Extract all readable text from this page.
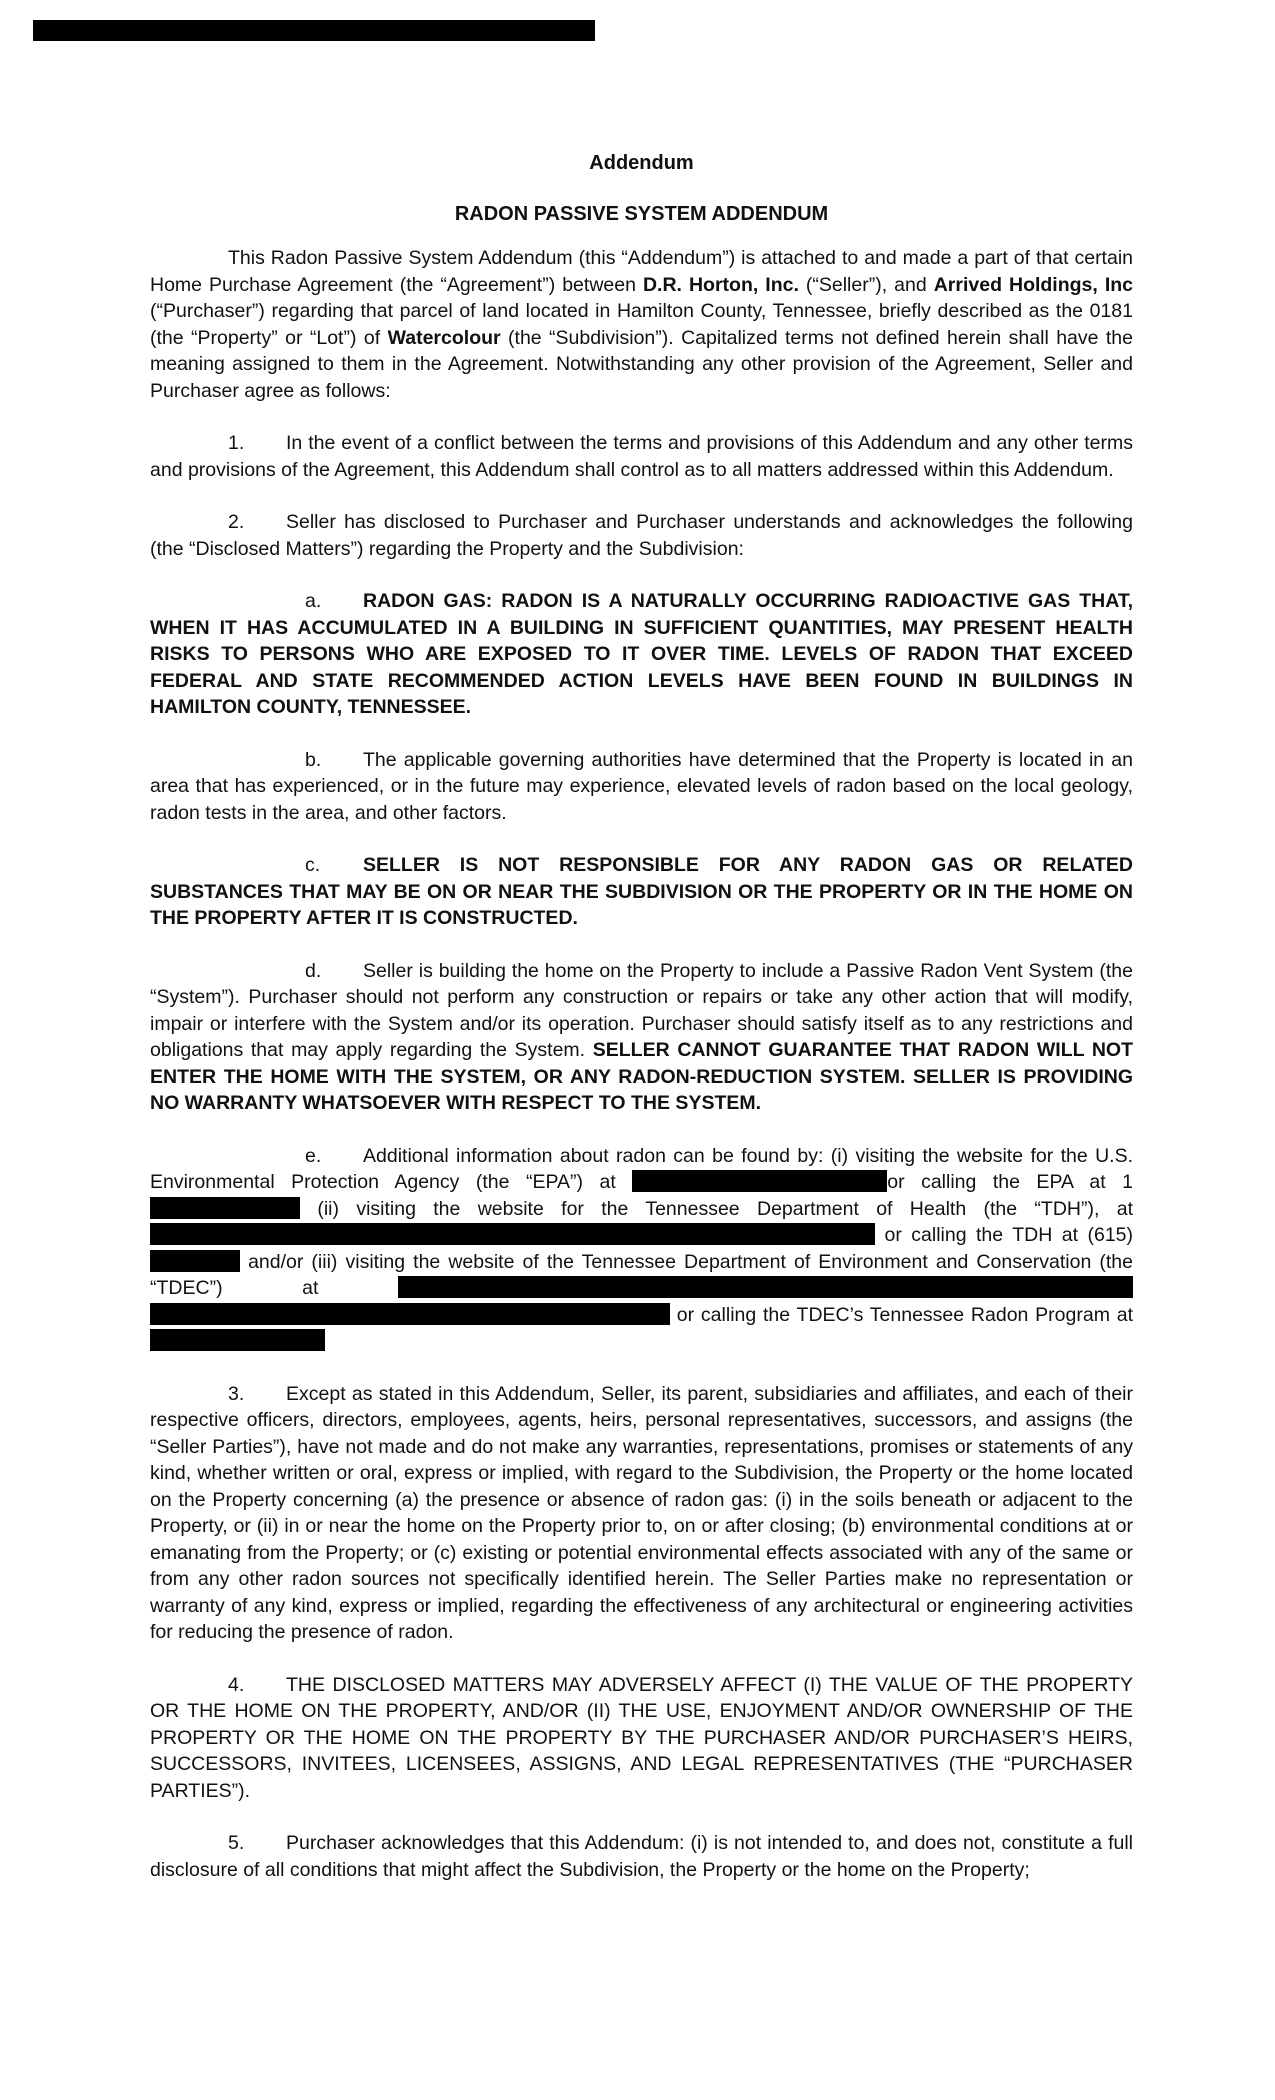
Addendum
RADON PASSIVE SYSTEM ADDENDUM

This Radon Passive System Addendum (this “Addendum”) is attached to and made a part of that certain Home Purchase Agreement (the “Agreement”) between D.R. Horton, Inc. (“Seller”), and Arrived Holdings, Inc (“Purchaser”) regarding that parcel of land located in Hamilton County, Tennessee, briefly described as the 0181 (the “Property” or “Lot”) of Watercolour (the “Subdivision”). Capitalized terms not defined herein shall have the meaning assigned to them in the Agreement. Notwithstanding any other provision of the Agreement, Seller and Purchaser agree as follows:

1. In the event of a conflict between the terms and provisions of this Addendum and any other terms and provisions of the Agreement, this Addendum shall control as to all matters addressed within this Addendum.

2. Seller has disclosed to Purchaser and Purchaser understands and acknowledges the following (the “Disclosed Matters”) regarding the Property and the Subdivision:

a. RADON GAS: RADON IS A NATURALLY OCCURRING RADIOACTIVE GAS THAT, WHEN IT HAS ACCUMULATED IN A BUILDING IN SUFFICIENT QUANTITIES, MAY PRESENT HEALTH RISKS TO PERSONS WHO ARE EXPOSED TO IT OVER TIME. LEVELS OF RADON THAT EXCEED FEDERAL AND STATE RECOMMENDED ACTION LEVELS HAVE BEEN FOUND IN BUILDINGS IN HAMILTON COUNTY, TENNESSEE.

b. The applicable governing authorities have determined that the Property is located in an area that has experienced, or in the future may experience, elevated levels of radon based on the local geology, radon tests in the area, and other factors.

c. SELLER IS NOT RESPONSIBLE FOR ANY RADON GAS OR RELATED SUBSTANCES THAT MAY BE ON OR NEAR THE SUBDIVISION OR THE PROPERTY OR IN THE HOME ON THE PROPERTY AFTER IT IS CONSTRUCTED.

d. Seller is building the home on the Property to include a Passive Radon Vent System (the “System”). Purchaser should not perform any construction or repairs or take any other action that will modify, impair or interfere with the System and/or its operation. Purchaser should satisfy itself as to any restrictions and obligations that may apply regarding the System. SELLER CANNOT GUARANTEE THAT RADON WILL NOT ENTER THE HOME WITH THE SYSTEM, OR ANY RADON-REDUCTION SYSTEM. SELLER IS PROVIDING NO WARRANTY WHATSOEVER WITH RESPECT TO THE SYSTEM.

e. Additional information about radon can be found by: (i) visiting the website for the U.S. Environmental Protection Agency (the “EPA”) at	or calling the EPA at 1  (ii) visiting the website for the Tennessee Department of Health (the “TDH”), at  or calling the TDH at (615)  and/or (iii) visiting the website of the Tennessee Department of Environment and Conservation (the “TDEC”) at   or calling the TDEC’s Tennessee Radon Program at

3. Except as stated in this Addendum, Seller, its parent, subsidiaries and affiliates, and each of their respective officers, directors, employees, agents, heirs, personal representatives, successors, and assigns (the “Seller Parties”), have not made and do not make any warranties, representations, promises or statements of any kind, whether written or oral, express or implied, with regard to the Subdivision, the Property or the home located on the Property concerning (a) the presence or absence of radon gas: (i) in the soils beneath or adjacent to the Property, or (ii) in or near the home on the Property prior to, on or after closing; (b) environmental conditions at or emanating from the Property; or (c) existing or potential environmental effects associated with any of the same or from any other radon sources not specifically identified herein. The Seller Parties make no representation or warranty of any kind, express or implied, regarding the effectiveness of any architectural or engineering activities for reducing the presence of radon.

4. THE DISCLOSED MATTERS MAY ADVERSELY AFFECT (I) THE VALUE OF THE PROPERTY OR THE HOME ON THE PROPERTY, AND/OR (II) THE USE, ENJOYMENT AND/OR OWNERSHIP OF THE PROPERTY OR THE HOME ON THE PROPERTY BY THE PURCHASER AND/OR PURCHASER’S HEIRS, SUCCESSORS, INVITEES, LICENSEES, ASSIGNS, AND LEGAL REPRESENTATIVES (THE “PURCHASER PARTIES”).

5. Purchaser acknowledges that this Addendum: (i) is not intended to, and does not, constitute a full disclosure of all conditions that might affect the Subdivision, the Property or the home on the Property;
